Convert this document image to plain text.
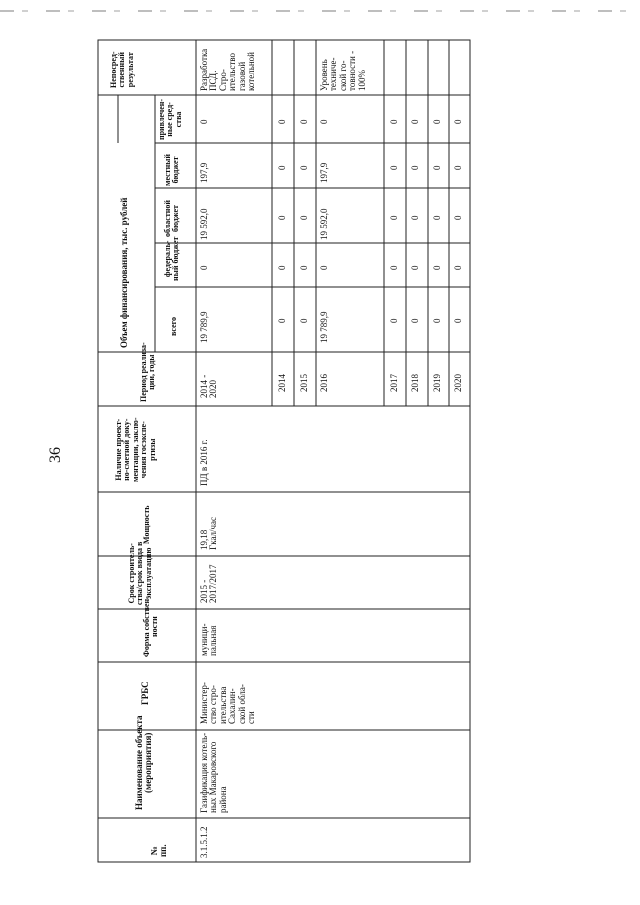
36
№
пп.
Наименование объекта
(мероприятия)
ГРБС
Форма собствен-
ности
Срок строитель-
ства/срок ввода в
эксплуатацию
Мощность
Наличие проект-
но-сметной доку-
ментации, заклю-
чения госэкспе-
ртизы
Период реализа-
ции, годы
Объем финансирования, тыс. рублей	всего
федераль-
ный бюджет
областной
бюджет
местный
бюджет
привлечен-
ные сред-
ства
Непосред-
ственный
результат
3.1.5.1.2
Газификация котель-
ных Макаровского
района
Министер-
ство стро-
ительства
Сахалин-
ской обла-
сти
муници-
пальная
2015 -
2017/2017
19,18
Гкал/час
ПД в 2016 г.
2014 -
2020
19 789,9
0
19 592,0
197,9
0
Разработка
ПСД.
Стро-
ительство
газовой
котельной
2014
0
0
0
0
0
2015
0
0
0
0
0
2016
19 789,9
0
19 592,0
197,9
0
Уровень
техниче-
ской го-
товности -
100%
2017
0
0
0
0
0
2018
0
0
0
0
0
2019
0
0
0
0
0
2020
0
0
0
0
0
